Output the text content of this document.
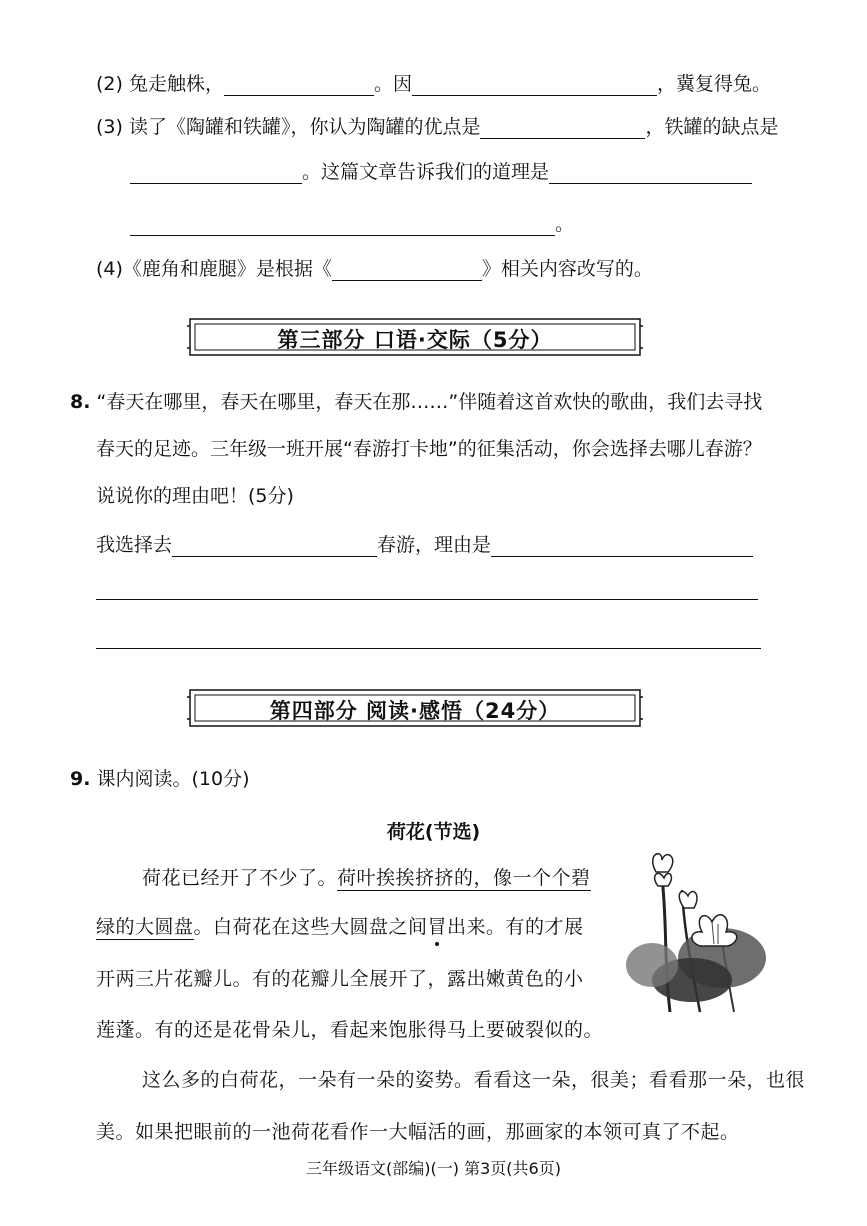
(2) 兔走触株，	。因	，冀复得兔。
(3) 读了《陶罐和铁罐》，你认为陶罐的优点是	，铁罐的缺点是
。这篇文章告诉我们的道理是
。
(4)《鹿角和鹿腿》是根据《	》相关内容改写的。
第三部分 口语·交际（5分）
8. “春天在哪里，春天在哪里，春天在那……”伴随着这首欢快的歌曲，我们去寻找
春天的足迹。三年级一班开展“春游打卡地”的征集活动，你会选择去哪儿春游？
说说你的理由吧！(5分)
我选择去	春游，理由是
第四部分 阅读·感悟（24分）
9. 课内阅读。(10分)
荷花(节选)
荷花已经开了不少了。荷叶挨挨挤挤的，像一个个碧
绿的大圆盘。白荷花在这些大圆盘之间冒出来。有的才展
开两三片花瓣儿。有的花瓣儿全展开了，露出嫩黄色的小
莲蓬。有的还是花骨朵儿，看起来饱胀得马上要破裂似的。
这么多的白荷花，一朵有一朵的姿势。看看这一朵，很美；看看那一朵，也很
美。如果把眼前的一池荷花看作一大幅活的画，那画家的本领可真了不起。
三年级语文(部编)(一) 第3页(共6页)
